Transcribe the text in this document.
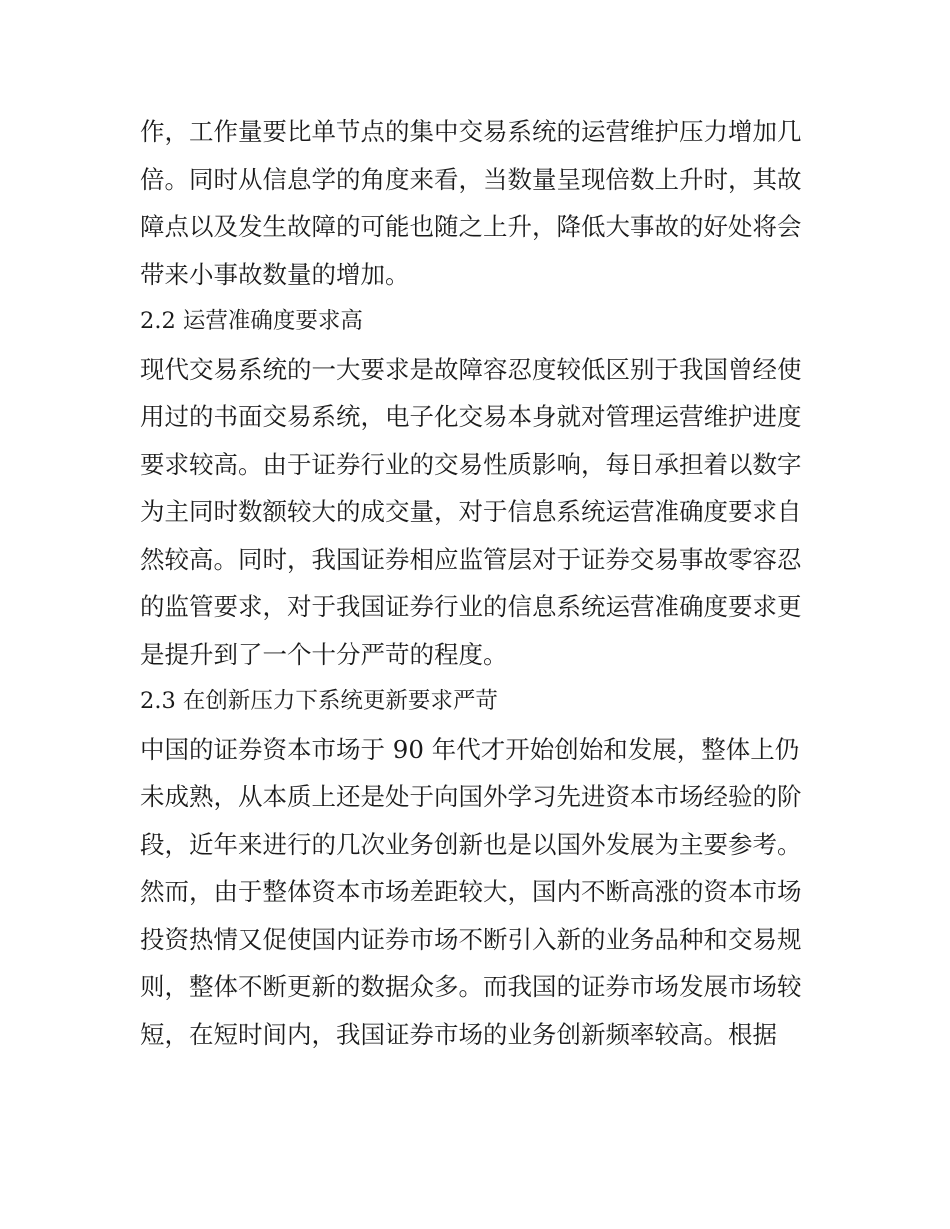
作，工作量要比单节点的集中交易系统的运营维护压力增加几
倍。同时从信息学的角度来看，当数量呈现倍数上升时，其故
障点以及发生故障的可能也随之上升，降低大事故的好处将会
带来小事故数量的增加。
2.2 运营准确度要求高
现代交易系统的一大要求是故障容忍度较低区别于我国曾经使
用过的书面交易系统，电子化交易本身就对管理运营维护进度
要求较高。由于证券行业的交易性质影响，每日承担着以数字
为主同时数额较大的成交量，对于信息系统运营准确度要求自
然较高。同时，我国证券相应监管层对于证券交易事故零容忍
的监管要求，对于我国证券行业的信息系统运营准确度要求更
是提升到了一个十分严苛的程度。
2.3 在创新压力下系统更新要求严苛
中国的证券资本市场于 90 年代才开始创始和发展，整体上仍
未成熟，从本质上还是处于向国外学习先进资本市场经验的阶
段，近年来进行的几次业务创新也是以国外发展为主要参考。
然而，由于整体资本市场差距较大，国内不断高涨的资本市场
投资热情又促使国内证券市场不断引入新的业务品种和交易规
则，整体不断更新的数据众多。而我国的证券市场发展市场较
短，在短时间内，我国证券市场的业务创新频率较高。根据
